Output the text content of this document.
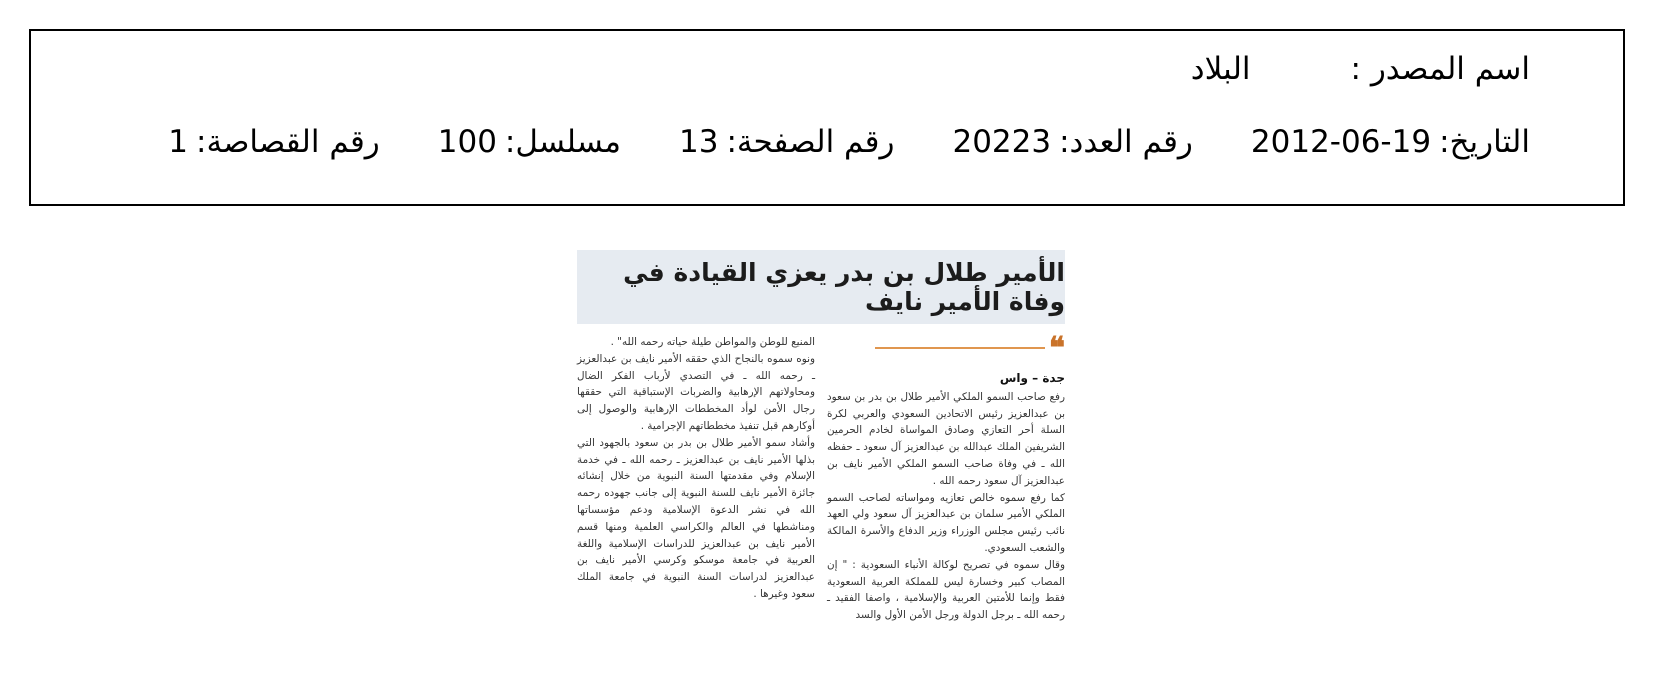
اسم المصدر :
البلاد
التاريخ:
2012-06-19
رقم العدد:
20223
رقم الصفحة:
13
مسلسل:
100
رقم القصاصة:
1
الأمير طلال بن بدر يعزي القيادة في وفاة الأمير نايف
❝
جدة – واس

رفع صاحب السمو الملكي الأمير طلال بن بدر بن سعود بن عبدالعزيز رئيس الاتحادين السعودي والعربي لكرة السلة أحر التعازي وصادق المواساة لخادم الحرمين الشريفين الملك عبدالله بن عبدالعزيز آل سعود ـ حفظه الله ـ في وفاة صاحب السمو الملكي الأمير نايف بن عبدالعزيز آل سعود رحمه الله .

كما رفع سموه خالص تعازيه ومواساته لصاحب السمو الملكي الأمير سلمان بن عبدالعزيز آل سعود ولي العهد نائب رئيس مجلس الوزراء وزير الدفاع والأسرة المالكة والشعب السعودي.

وقال سموه في تصريح لوكالة الأنباء السعودية : " إن المصاب كبير وخسارة ليس للمملكة العربية السعودية فقط وإنما للأمتين العربية والإسلامية ، واصفا الفقيد ـ رحمه الله ـ برجل الدولة ورجل الأمن الأول والسد

المنيع للوطن والمواطن طيلة حياته رحمه الله" .

ونوه سموه بالنجاح الذي حققه الأمير نايف بن عبدالعزيز ـ رحمه الله ـ في التصدي لأرباب الفكر الضال ومحاولاتهم الإرهابية والضربات الإستباقية التي حققها رجال الأمن لوأد المخططات الإرهابية والوصول إلى أوكارهم قبل تنفيذ مخططاتهم الإجرامية .

وأشاد سمو الأمير طلال بن بدر بن سعود بالجهود التي بذلها الأمير نايف بن عبدالعزيز ـ رحمه الله ـ في خدمة الإسلام وفي مقدمتها السنة النبوية من خلال إنشائه جائزة الأمير نايف للسنة النبوية إلى جانب جهوده رحمه الله في نشر الدعوة الإسلامية ودعم مؤسساتها ومناشطها في العالم والكراسي العلمية ومنها قسم الأمير نايف بن عبدالعزيز للدراسات الإسلامية واللغة العربية في جامعة موسكو وكرسي الأمير نايف بن عبدالعزيز لدراسات السنة النبوية في جامعة الملك سعود وغيرها .
